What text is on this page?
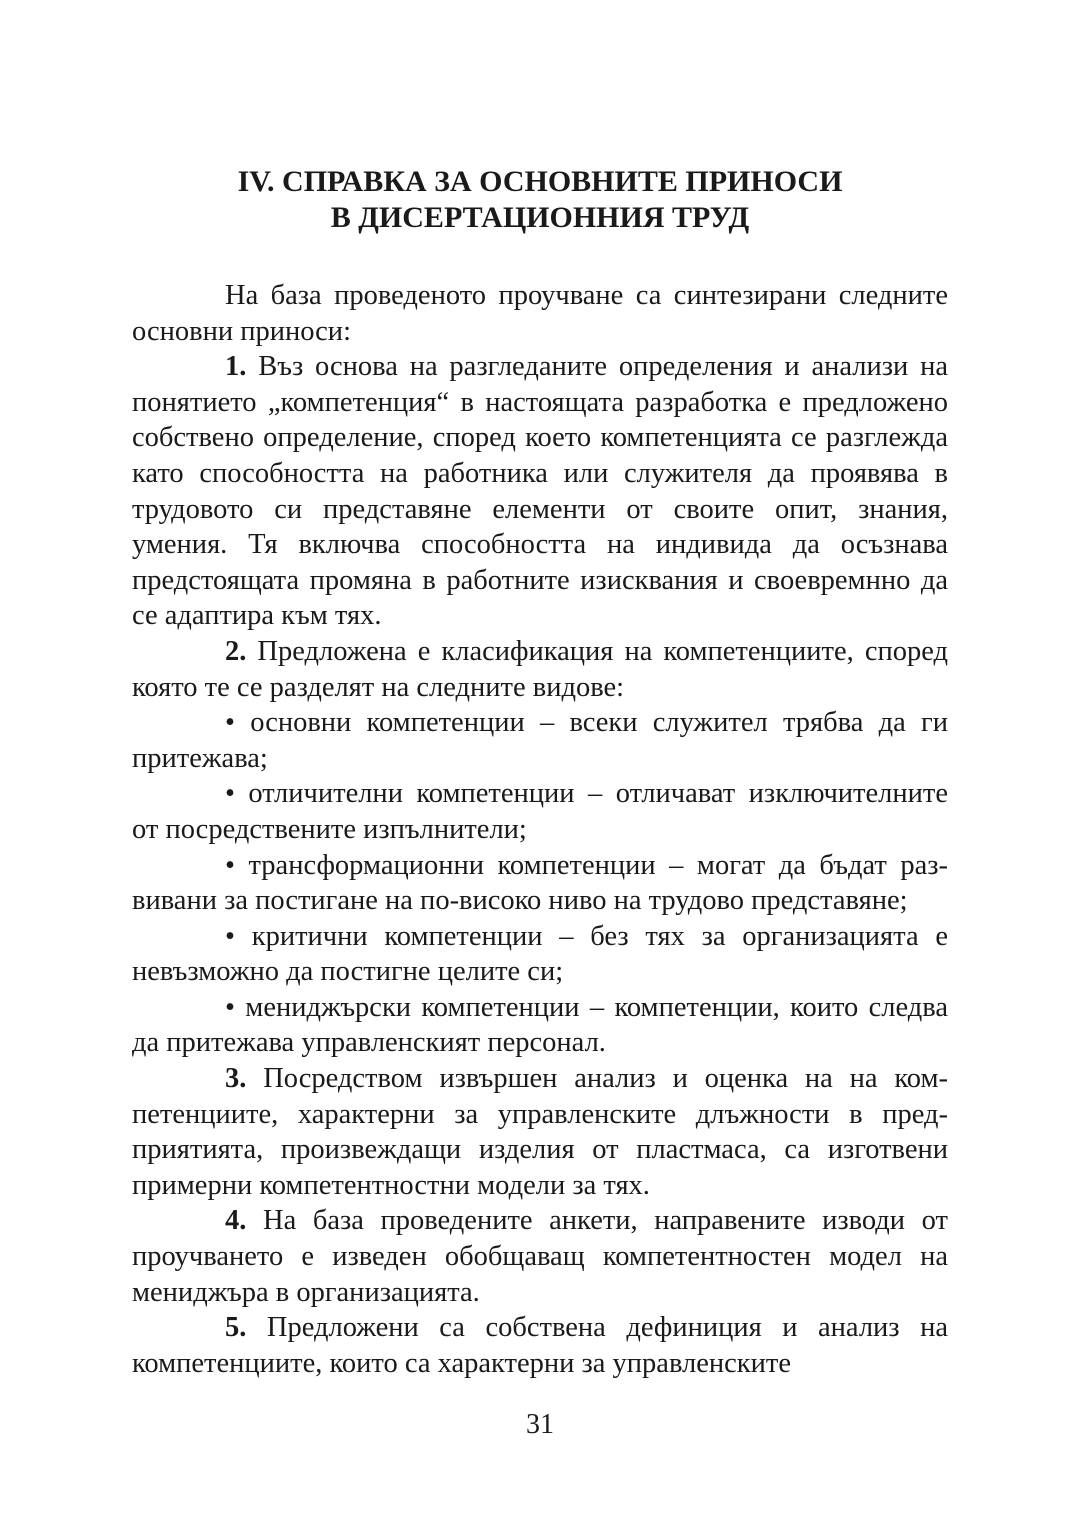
IV. СПРАВКА ЗА ОСНОВНИТЕ ПРИНОСИ
В ДИСЕРТАЦИОННИЯ ТРУД

На база проведеното проучване са синтезирани следните основни приноси:

1. Въз основа на разгледаните определения и анализи на понятието „компетенция“ в настоящата разработка е предложено собствено определение, според което компетенцията се разглежда като способността на работника или служителя да проявява в трудовото си представяне елементи от своите опит, знания, умения. Тя включва способността на индивида да осъзнава предстоящата промяна в работните изисквания и своевремнно да се адаптира към тях.

2. Предложена е класификация на компетенциите, според която те се разделят на следните видове:

• основни компетенции – всеки служител трябва да ги притежава;

• отличителни компетенции – отличават изключителните от посредствените изпълнители;

• трансформационни компетенции – могат да бъдат развивани за постигане на по-високо ниво на трудово представяне;

• критични компетенции – без тях за организацията е невъзможно да постигне целите си;

• мениджърски компетенции – компетенции, които следва да притежава управленският персонал.

3. Посредством извършен анализ и оценка на на компетенциите, характерни за управленските длъжности в предприятията, произвеждащи изделия от пластмаса, са изготвени примерни компетентностни модели за тях.

4. На база проведените анкети, направените изводи от проучването е изведен обобщаващ компетентностен модел на мениджъра в организацията.

5. Предложени са собствена дефиниция и анализ на компетенциите, които са характерни за управленските

31
